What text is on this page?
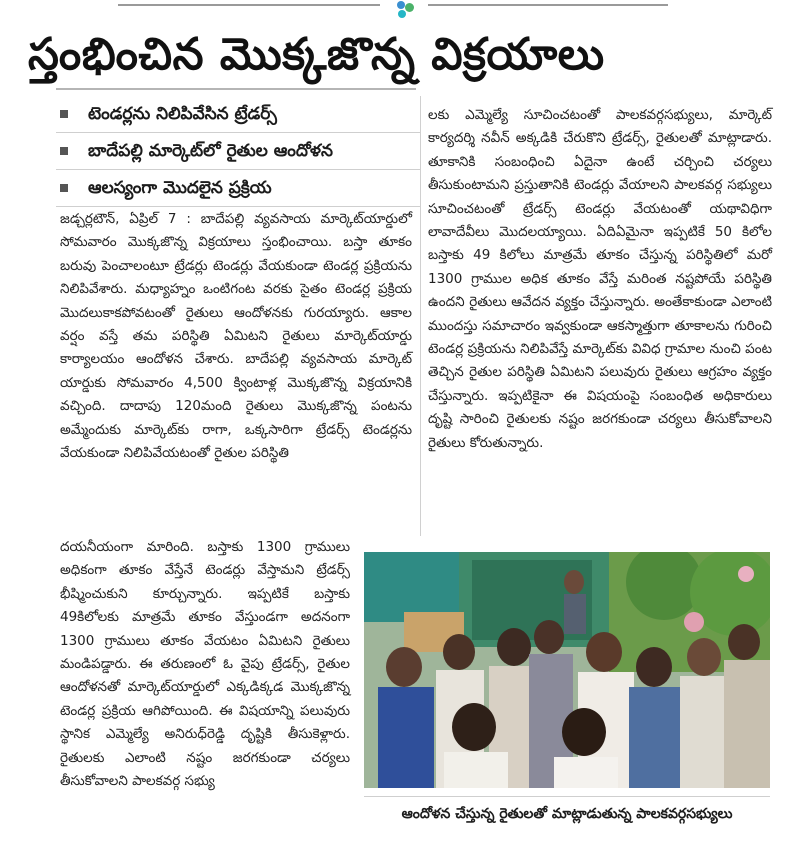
స్తంభించిన మొక్కజొన్న విక్రయాలు
టెండర్లను నిలిపివేసిన ట్రేడర్స్
బాదేపల్లి మార్కెట్‌లో రైతుల ఆందోళన
ఆలస్యంగా మొదలైన ప్రక్రియ

జడ్చర్లటౌన్, ఏప్రిల్ 7 : బాదేపల్లి వ్యవసాయ మార్కెట్‌యార్డులో సోమవారం మొక్కజొన్న విక్రయాలు స్తంభించాయి. బస్తా తూకం బరువు పెంచాలంటూ ట్రేడర్లు టెండర్లు వేయకుండా టెండర్ల ప్రక్రియను నిలిపివేశారు. మధ్యాహ్నం ఒంటిగంట వరకు సైతం టెండర్ల ప్రక్రియ మొదలుకాకపోవటంతో రైతులు ఆందోళనకు గురయ్యారు. ఆకాల వర్షం వస్తే తమ పరిస్థితి ఏమిటని రైతులు మార్కెట్‌యార్డు కార్యాలయం ఆందోళన చేశారు. బాదేపల్లి వ్యవసాయ మార్కెట్ యార్డుకు సోమవారం 4,500 క్వింటాళ్ల మొక్కజొన్న విక్రయానికి వచ్చింది. దాదాపు 120మంది రైతులు మొక్కజొన్న పంటను అమ్మేందుకు మార్కెట్‌కు రాగా, ఒక్కసారిగా ట్రేడర్స్ టెండర్లను వేయకుండా నిలిపివేయటంతో రైతుల పరిస్థితి

దయనీయంగా మారింది. బస్తాకు 1300 గ్రాములు అధికంగా తూకం వేస్తేనే టెండర్లు వేస్తామని ట్రేడర్స్ భీష్మించుకుని కూర్చున్నారు. ఇప్పటికే బస్తాకు 49కిలోలకు మాత్రమే తూకం వేస్తుండగా అదనంగా 1300 గ్రాములు తూకం వేయటం ఏమిటని రైతులు మండిపడ్డారు. ఈ తరుణంలో ఓ వైపు ట్రేడర్స్, రైతుల ఆందోళనతో మార్కెట్‌యార్డులో ఎక్కడిక్కడ మొక్కజొన్న టెండర్ల ప్రక్రియ ఆగిపోయింది. ఈ విషయాన్ని పలువురు స్థానిక ఎమ్మెల్యే అనిరుధ్‌రెడ్డి దృష్టికి తీసుకెళ్లారు. రైతులకు ఎలాంటి నష్టం జరగకుండా చర్యలు తీసుకోవాలని పాలకవర్గ సభ్యు

లకు ఎమ్మెల్యే సూచించటంతో పాలకవర్గసభ్యులు, మార్కెట్ కార్యదర్శి నవీన్ అక్కడికి చేరుకొని ట్రేడర్స్, రైతులతో మాట్లాడారు. తూకానికి సంబంధించి ఏదైనా ఉంటే చర్చించి చర్యలు తీసుకుంటామని ప్రస్తుతానికి టెండర్లు వేయాలని పాలకవర్గ సభ్యులు సూచించటంతో ట్రేడర్స్ టెండర్లు వేయటంతో యథావిధిగా లావాదేవీలు మొదలయ్యాయి. ఏదిఏమైనా ఇప్పటికే 50 కిలోల బస్తాకు 49 కిలోలు మాత్రమే తూకం చేస్తున్న పరిస్థితిలో మరో 1300 గ్రాముల అధిక తూకం వేస్తే మరింత నష్టపోయే పరిస్థితి ఉందని రైతులు ఆవేదన వ్యక్తం చేస్తున్నారు. అంతేకాకుండా ఎలాంటి ముందస్తు సమాచారం ఇవ్వకుండా ఆకస్మాత్తుగా తూకాలను గురించి టెండర్ల ప్రక్రియను నిలిపివేస్తే మార్కెట్‌కు వివిధ గ్రామాల నుంచి పంట తెచ్చిన రైతుల పరిస్థితి ఏమిటని పలువురు రైతులు ఆగ్రహం వ్యక్తం చేస్తున్నారు. ఇప్పటికైనా ఈ విషయంపై సంబంధిత అధికారులు దృష్టి సారించి రైతులకు నష్టం జరగకుండా చర్యలు తీసుకోవాలని రైతులు కోరుతున్నారు.

ఆందోళన చేస్తున్న రైతులతో మాట్లాడుతున్న పాలకవర్గసభ్యులు
